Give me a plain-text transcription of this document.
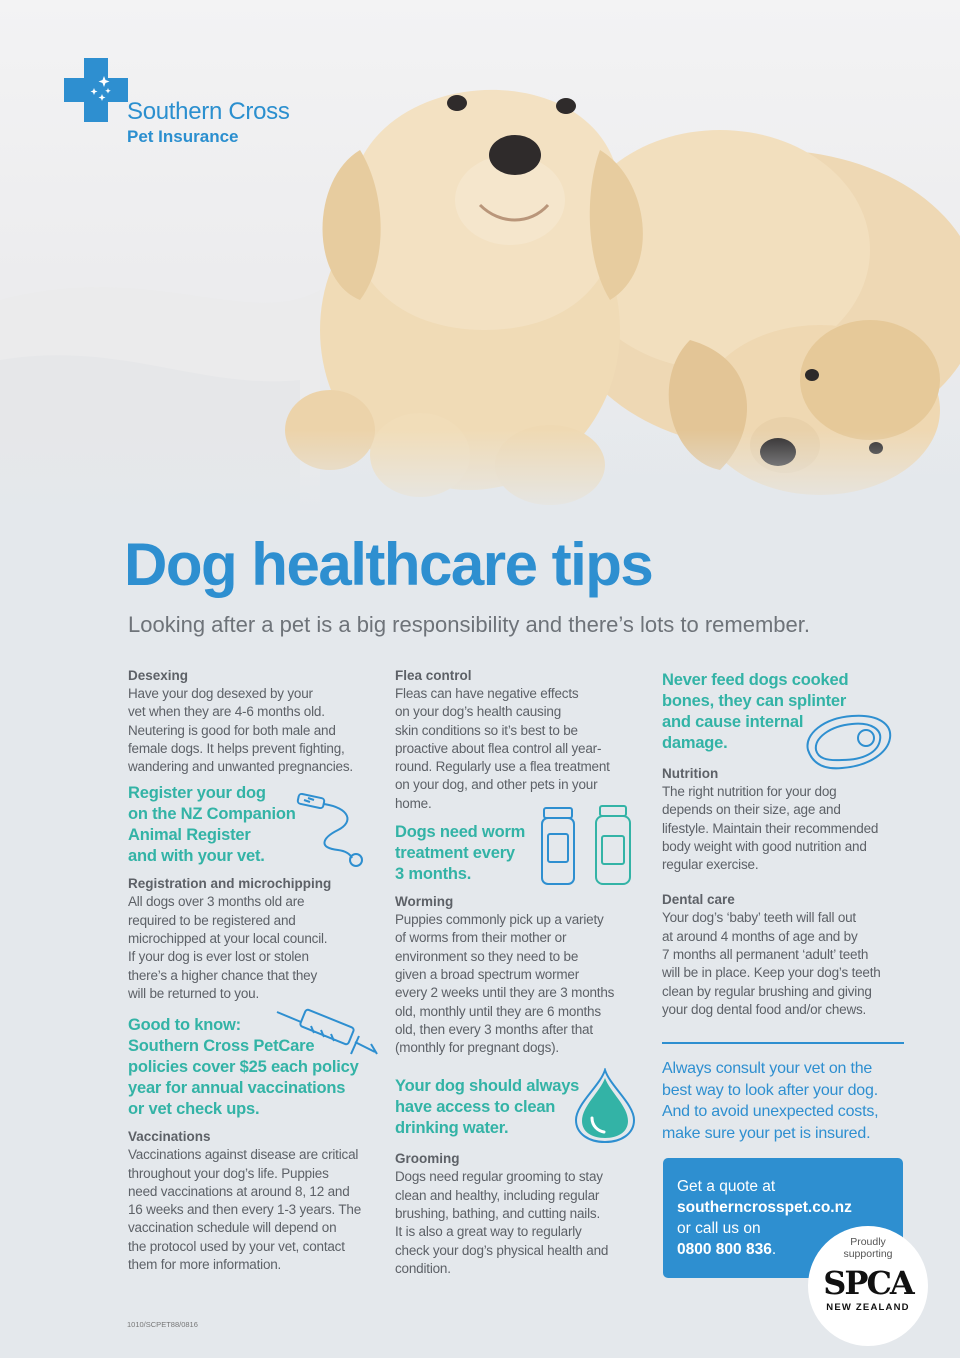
Southern Cross
Pet Insurance
Dog healthcare tips
Looking after a pet is a big responsibility and there’s lots to remember.
Desexing
Have your dog desexed by your
vet when they are 4-6 months old.
Neutering is good for both male and
female dogs. It helps prevent fighting,
wandering and unwanted pregnancies.
Register your dog
on the NZ Companion
Animal Register
and with your vet.
Registration and microchipping
All dogs over 3 months old are
required to be registered and
microchipped at your local council.
If your dog is ever lost or stolen
there’s a higher chance that they
will be returned to you.
Good to know:
Southern Cross PetCare
policies cover $25 each policy
year for annual vaccinations
or vet check ups.
Vaccinations
Vaccinations against disease are critical
throughout your dog’s life. Puppies
need vaccinations at around 8, 12 and
16 weeks and then every 1-3 years. The
vaccination schedule will depend on
the protocol used by your vet, contact
them for more information.
Flea control
Fleas can have negative effects
on your dog’s health causing
skin conditions so it’s best to be
proactive about flea control all year-
round. Regularly use a flea treatment
on your dog, and other pets in your
home.
Dogs need worm
treatment every
3 months.
Worming
Puppies commonly pick up a variety
of worms from their mother or
environment so they need to be
given a broad spectrum wormer
every 2 weeks until they are 3 months
old, monthly until they are 6 months
old, then every 3 months after that
(monthly for pregnant dogs).
Your dog should always
have access to clean
drinking water.
Grooming
Dogs need regular grooming to stay
clean and healthy, including regular
brushing, bathing, and cutting nails.
It is also a great way to regularly
check your dog’s physical health and
condition.
Never feed dogs cooked
bones, they can splinter
and cause internal
damage.
Nutrition
The right nutrition for your dog
depends on their size, age and
lifestyle. Maintain their recommended
body weight with good nutrition and
regular exercise.
Dental care
Your dog’s ‘baby’ teeth will fall out
at around 4 months of age and by
7 months all permanent ‘adult’ teeth
will be in place. Keep your dog’s teeth
clean by regular brushing and giving
your dog dental food and/or chews.
Always consult your vet on the
best way to look after your dog.
And to avoid unexpected costs,
make sure your pet is insured.
Get a quote at
southerncrosspet.co.nz
or call us on
0800 800 836.	Proudly
supporting
SPCA
NEW ZEALAND
1010/SCPET88/0816
